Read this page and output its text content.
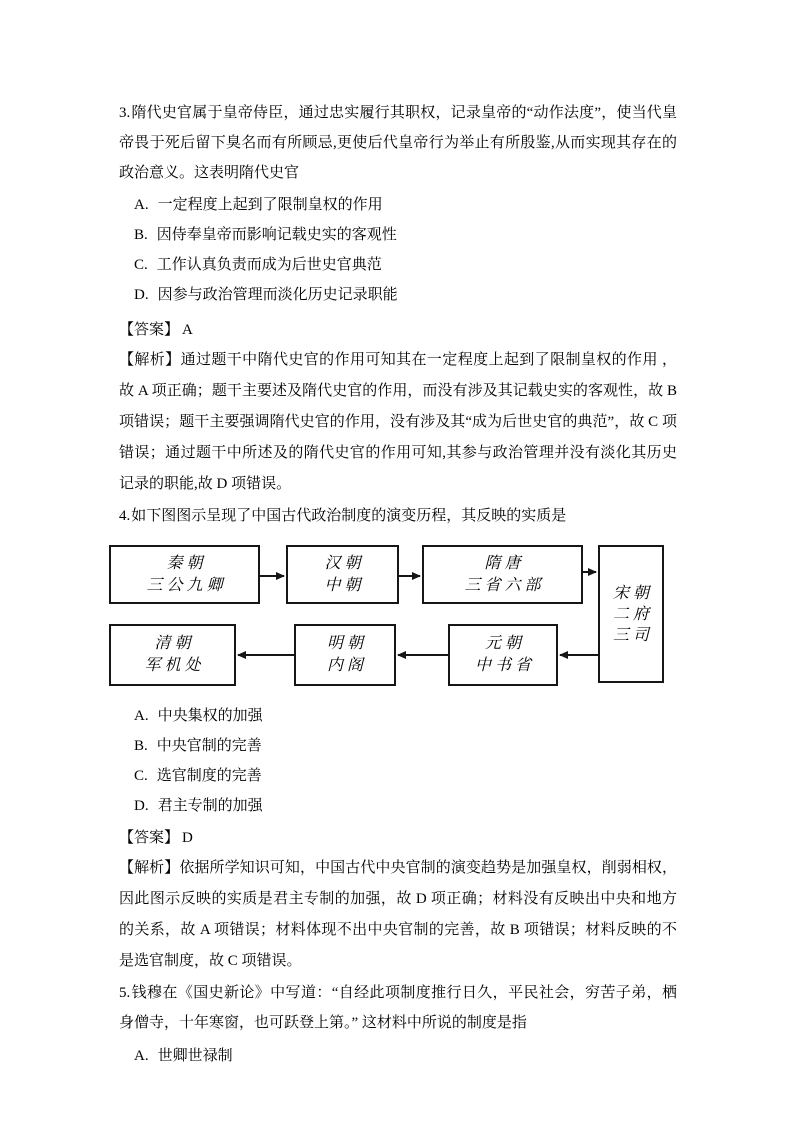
3.隋代史官属于皇帝侍臣，通过忠实履行其职权，记录皇帝的“动作法度”，使当代皇帝畏于死后留下臭名而有所顾忌,更使后代皇帝行为举止有所殷鉴,从而实现其存在的政治意义。这表明隋代史官

A. 一定程度上起到了限制皇权的作用
B. 因侍奉皇帝而影响记载史实的客观性
C. 工作认真负责而成为后世史官典范
D. 因参与政治管理而淡化历史记录职能
【答案】 A

【解析】通过题干中隋代史官的作用可知其在一定程度上起到了限制皇权的作用 ，故 A 项正确；题干主要述及隋代史官的作用，而没有涉及其记载史实的客观性，故 B 项错误；题干主要强调隋代史官的作用，没有涉及其“成为后世史官的典范”，故 C 项错误；通过题干中所述及的隋代史官的作用可知,其参与政治管理并没有淡化其历史记录的职能,故 D 项错误。

4.如下图图示呈现了中国古代政治制度的演变历程，其反映的实质是

秦朝
三公九卿
汉朝
中朝
隋唐
三省六部	宋朝
二府
三司
清朝
军机处
明朝
内阁
元朝
中书省
A. 中央集权的加强
B. 中央官制的完善
C. 选官制度的完善
D. 君主专制的加强
【答案】 D

【解析】依据所学知识可知，中国古代中央官制的演变趋势是加强皇权，削弱相权，因此图示反映的实质是君主专制的加强，故 D 项正确；材料没有反映出中央和地方的关系，故 A 项错误；材料体现不出中央官制的完善，故 B 项错误；材料反映的不是选官制度，故 C 项错误。

5.钱穆在《国史新论》中写道：“自经此项制度推行日久，平民社会，穷苦子弟，栖身僧寺，十年寒窗，也可跃登上第。” 这材料中所说的制度是指

A. 世卿世禄制
